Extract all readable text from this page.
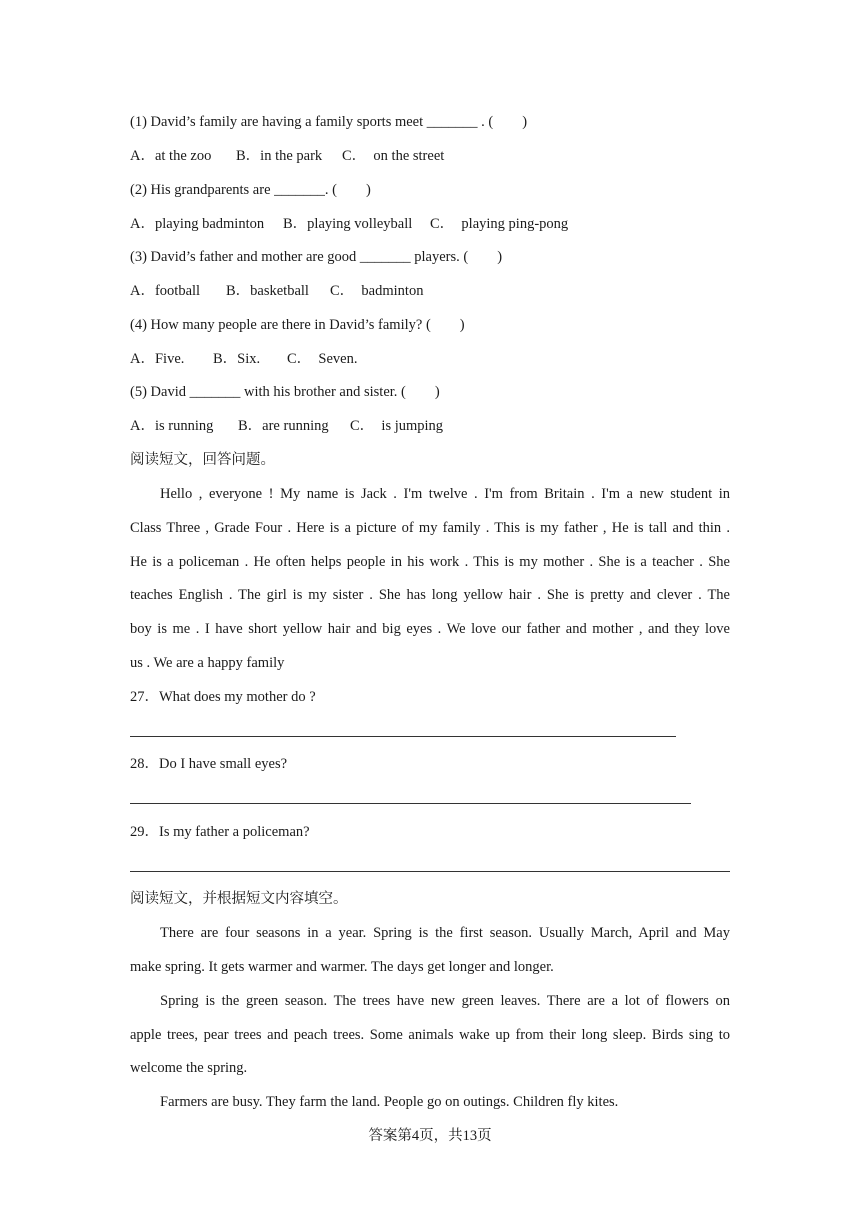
(1) David’s family are having a family sports meet _______ . (　　)
A．at the zoo B．in the park C．　on the street
(2) His grandparents are _______. (　　)
A．playing badminton B．playing volleyball C．　playing ping-pong
(3) David’s father and mother are good _______ players. (　　)
A．football B．basketball C．　badminton
(4) How many people are there in David’s family? (　　)
A．Five. B．Six. C．　Seven.
(5) David _______ with his brother and sister. (　　)
A．is running B．are running C．　is jumping
阅读短文，回答问题。
Hello , everyone ! My name is Jack . I'm twelve . I'm from Britain . I'm a new student in
Class Three , Grade Four . Here is a picture of my family . This is my father , He is tall and thin .
He is a policeman . He often helps people in his work . This is my mother . She is a teacher . She
teaches English . The girl is my sister . She has long yellow hair . She is pretty and clever . The
boy is me . I have short yellow hair and big eyes . We love our father and mother , and they love
us . We are a happy family
27．What does my mother do ?
28．Do I have small eyes?
29．Is my father a policeman?
阅读短文，并根据短文内容填空。
There are four seasons in a year. Spring is the first season. Usually March, April and May
make spring. It gets warmer and warmer. The days get longer and longer.
Spring is the green season. The trees have new green leaves. There are a lot of flowers on
apple trees, pear trees and peach trees. Some animals wake up from their long sleep. Birds sing to
welcome the spring.
Farmers are busy. They farm the land. People go on outings. Children fly kites.
答案第4页，共13页
